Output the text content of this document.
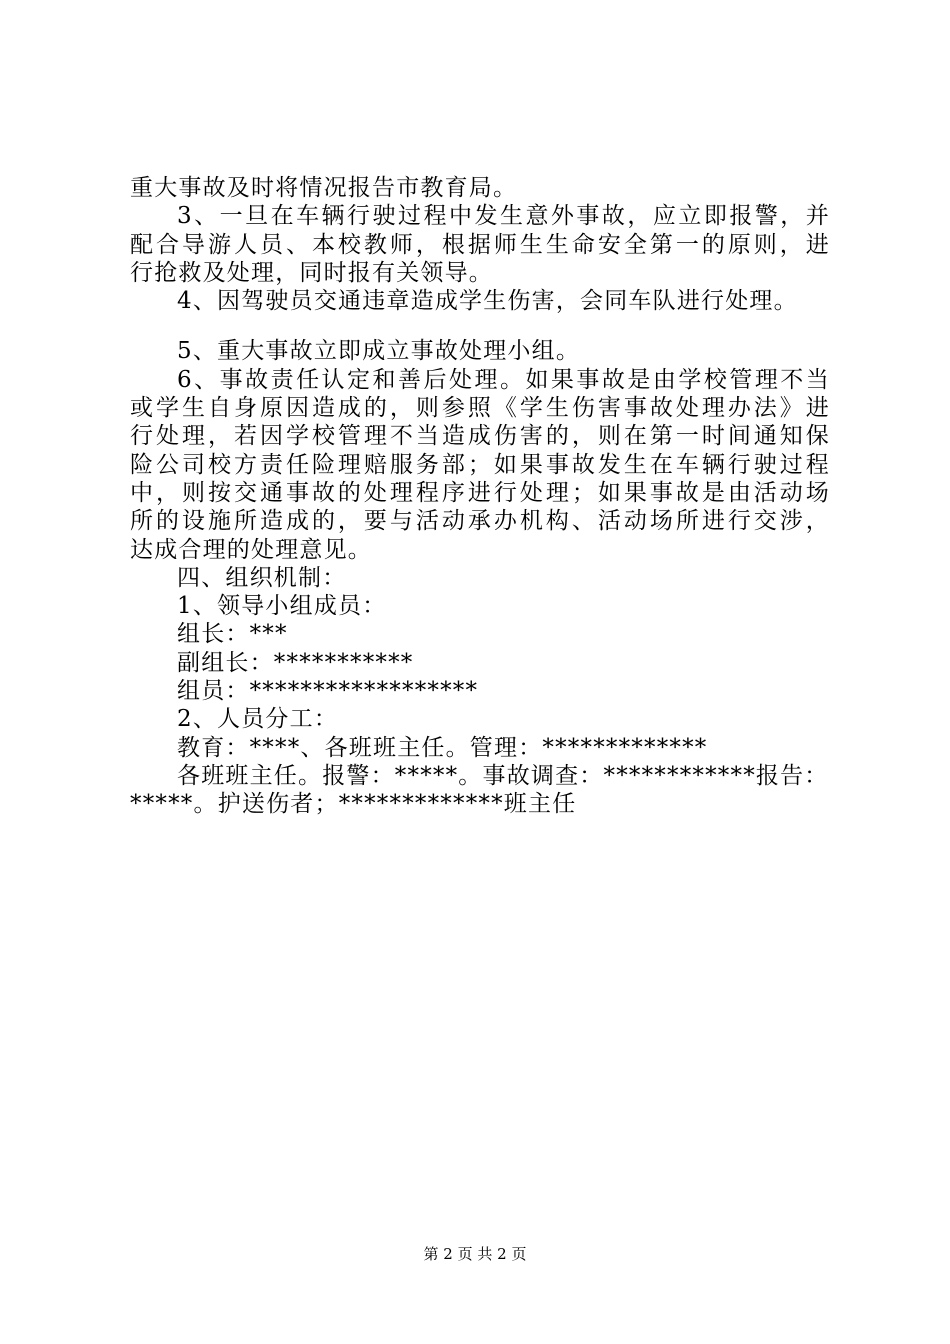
重大事故及时将情况报告市教育局。
3、一旦在车辆行驶过程中发生意外事故，应立即报警，并
配合导游人员、本校教师，根据师生生命安全第一的原则，进
行抢救及处理，同时报有关领导。
4、因驾驶员交通违章造成学生伤害，会同车队进行处理。
5、重大事故立即成立事故处理小组。
6、事故责任认定和善后处理。如果事故是由学校管理不当
或学生自身原因造成的，则参照《学生伤害事故处理办法》进
行处理，若因学校管理不当造成伤害的，则在第一时间通知保
险公司校方责任险理赔服务部；如果事故发生在车辆行驶过程
中，则按交通事故的处理程序进行处理；如果事故是由活动场
所的设施所造成的，要与活动承办机构、活动场所进行交涉，
达成合理的处理意见。
四、组织机制：
1、领导小组成员：
组长：***
副组长：***********
组员：******************
2、人员分工：
教育：****、各班班主任。管理：*************
各班班主任。报警：*****。事故调查：************报告：
*****。护送伤者；*************班主任
第 2 页 共 2 页
